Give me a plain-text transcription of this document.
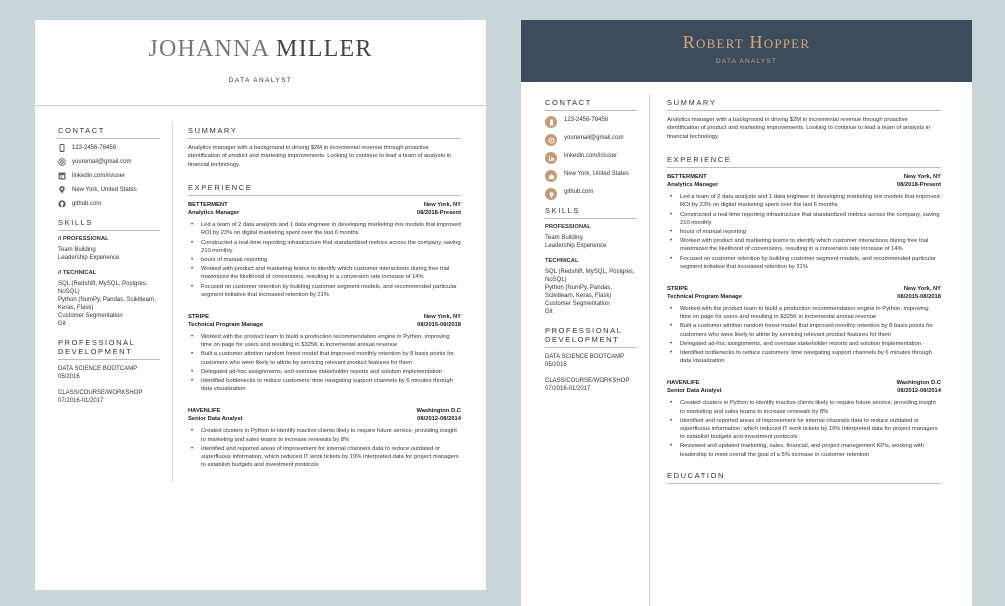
JOHANNA MILLER
DATA ANALYST
CONTACT
123-2456-78458
youremail@gmail.com
linkedin.com/in/user
New York, United States
github.com
SKILLS
// PROFESSIONAL
Team Building
Leadership Experience
// TECHNICAL
SQL (Redshift, MySQL, Postgres, NoSQL)
Python (NumPy, Pandas, Scikitlearn, Keras, Flask)
Customer Segmentation
Git
PROFESSIONAL DEVELOPMENT
DATA SCIENCE BOOTCAMP
05/2016
CLASS/COURSE/WORKSHOP
07/2016-01/2017
SUMMARY
Analytics manager with a background in driving $2M in incremental revenue through proactive identification of product and marketing improvements. Looking to continue to lead a team of analysts in financial technology.
EXPERIENCE
BETTERMENT	New York, NY
Analytics Manager	08/2018-Present
• Led a team of 2 data analysts and 1 data engineer in developing marketing mix models that improved ROI by 23% on digital marketing spent over the last 6 months
• Constructed a real-time reporting infrastructure that standardized metrics across the company, saving 210 monthly
• hours of manual reporting
• Worked with product and marketing teams to identify which customer interactions during free trial maximized the likelihood of conversions, resulting in a conversion rate increase of 14%
• Focused on customer retention by building customer segment models, and recommended particular segment initiative that increased retention by 21%
STRIPE	New York, NY
Technical Program Manage	08/2015-08/2018
• Worked with the product team to build a production recommendation engine in Python, improving time on page for users and resulting in $325K in incremental annual revenue
• Built a customer attrition random forest model that improved monthly retention by 8 basis points for customers who were likely to attrite by servicing relevant product features for them
• Delegated ad-hoc assignments, and oversaw stakeholder reports and solution implementation ·
• Identified bottlenecks to reduce customers' time navigating support channels by 6 minutes through data visualization
HAVENLIFE	Washington D.C
Senior Data Analyst	08/2012-08/2014
• Created clusters in Python to identify inactive clients likely to require future service, providing insight to marketing and sales teams to increase renewals by 8%
• Identified and reported areas of improvement for internal channels data to reduce outdated or superfluous information, which reduced IT work tickets by 19% Interpreted data for project managers to establish budgets and investment protocols
Robert Hopper
DATA ANALYST
CONTACT
123-2456-78458
youremail@gmail.com
linkedin.com/in/user
New York, United States
github.com
SKILLS
PROFESSIONAL
Team Building
Leadership Experience
TECHNICAL
SQL (Redshift, MySQL, Postgres, NoSQL)
Python (NumPy, Pandas, Scikitlearn, Keras, Flask)
Customer Segmentation
Git
PROFESSIONAL DEVELOPMENT
DATA SCIENCE BOOTCAMP
05/2016
CLASS/COURSE/WORKSHOP
07/2016-01/2017
SUMMARY
Analytics manager with a background in driving $2M in incremental revenue through proactive identification of product and marketing improvements. Looking to continue to lead a team of analysts in financial technology.
EXPERIENCE
BETTERMENT	New York, NY
Analytics Manager	08/2018-Present
• Led a team of 2 data analysts and 1 data engineer in developing marketing mix models that improved ROI by 23% on digital marketing spent over the last 6 months
• Constructed a real-time reporting infrastructure that standardized metrics across the company, saving 210 monthly
• hours of manual reporting
• Worked with product and marketing teams to identify which customer interactions during free trial maximized the likelihood of conversions, resulting in a conversion rate increase of 14%
• Focused on customer retention by building customer segment models, and recommended particular segment initiative that increased retention by 21%
STRIPE	New York, NY
Technical Program Manage	08/2015-08/2018
• Worked with the product team to build a production recommendation engine in Python, improving time on page for users and resulting in $325K in incremental annual revenue
• Built a customer attrition random forest model that improved monthly retention by 8 basis points for customers who were likely to attrite by servicing relevant product features for them
• Delegated ad-hoc assignments, and oversaw stakeholder reports and solution implementation ·
• Identified bottlenecks to reduce customers' time navigating support channels by 6 minutes through data visualization
HAVENLIFE	Washington D.C
Senior Data Analyst	08/2012-08/2014
• Created clusters in Python to identify inactive clients likely to require future service, providing insight to marketing and sales teams to increase renewals by 8%
• Identified and reported areas of improvement for internal channels data to reduce outdated or superfluous information, which reduced IT work tickets by 19% Interpreted data for project managers to establish budgets and investment protocols
• Reviewed and updated marketing, sales, financial, and project management KPIs, working with leadership to meet overall the goal of a 5% increase in customer retention
EDUCATION
